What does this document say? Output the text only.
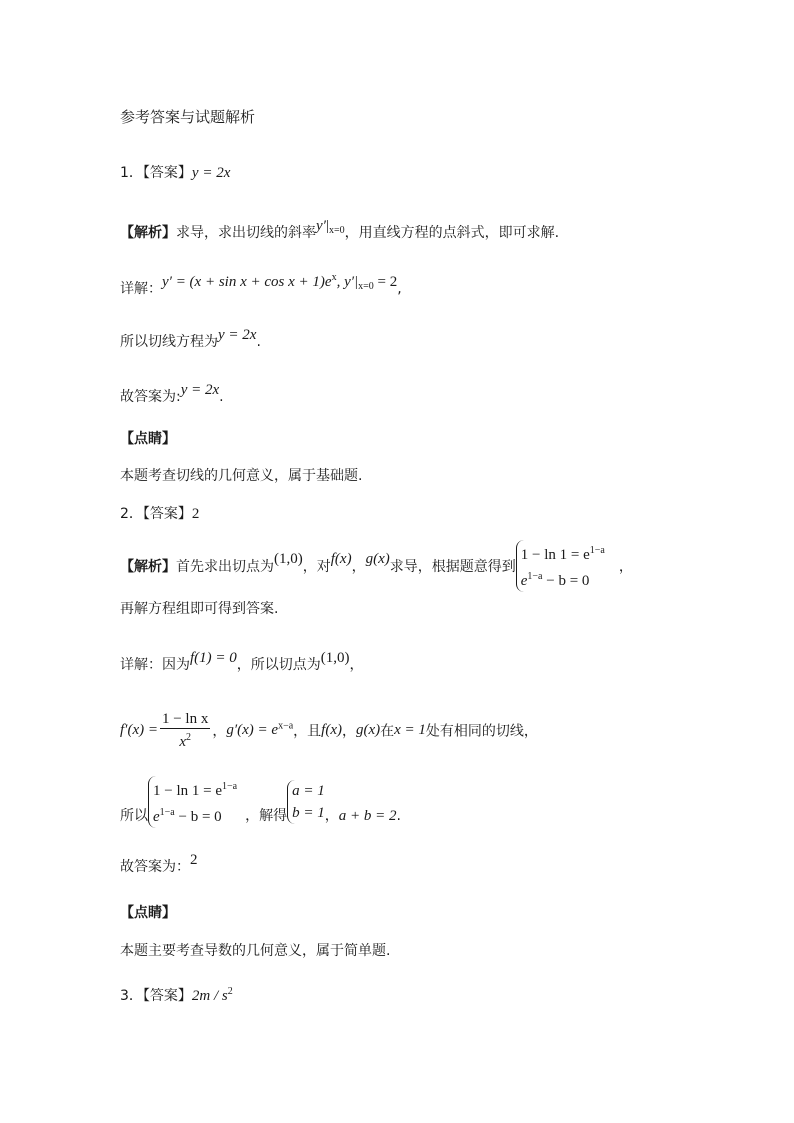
参考答案与试题解析
1．【答案】y = 2x
【解析】求导，求出切线的斜率$y'|_{x=0}$，用直线方程的点斜式，即可求解.
详解：$y' = (x + \sin x + \cos x + 1)e^x$, $y'|_{x=0} = 2$,
所以切线方程为y = 2x.
故答案为:y = 2x.
【点睛】
本题考查切线的几何意义，属于基础题.
2．【答案】2
【解析】首先求出切点为(1,0)，对f(x)，g(x)求导，根据题意得到
$1 - \ln 1 = e^{1-a}$
$e^{1-a} - b = 0$
，
再解方程组即可得到答案.
详解：因为f(1) = 0，所以切点为(1,0)，
$f'(x) = \frac{\text{1 − ln x}}{x^2}$ ，$g'(x) = e^{x-a}$，且f(x)，g(x)在x = 1处有相同的切线，
所以
$1 - \ln 1 = e^{1-a}$
$e^{1-a} - b = 0$	，解得
a = 1
b = 1 ，a + b = 2.
故答案为：2
【点睛】
本题主要考查导数的几何意义，属于简单题.
3．【答案】$2m / s^2$
